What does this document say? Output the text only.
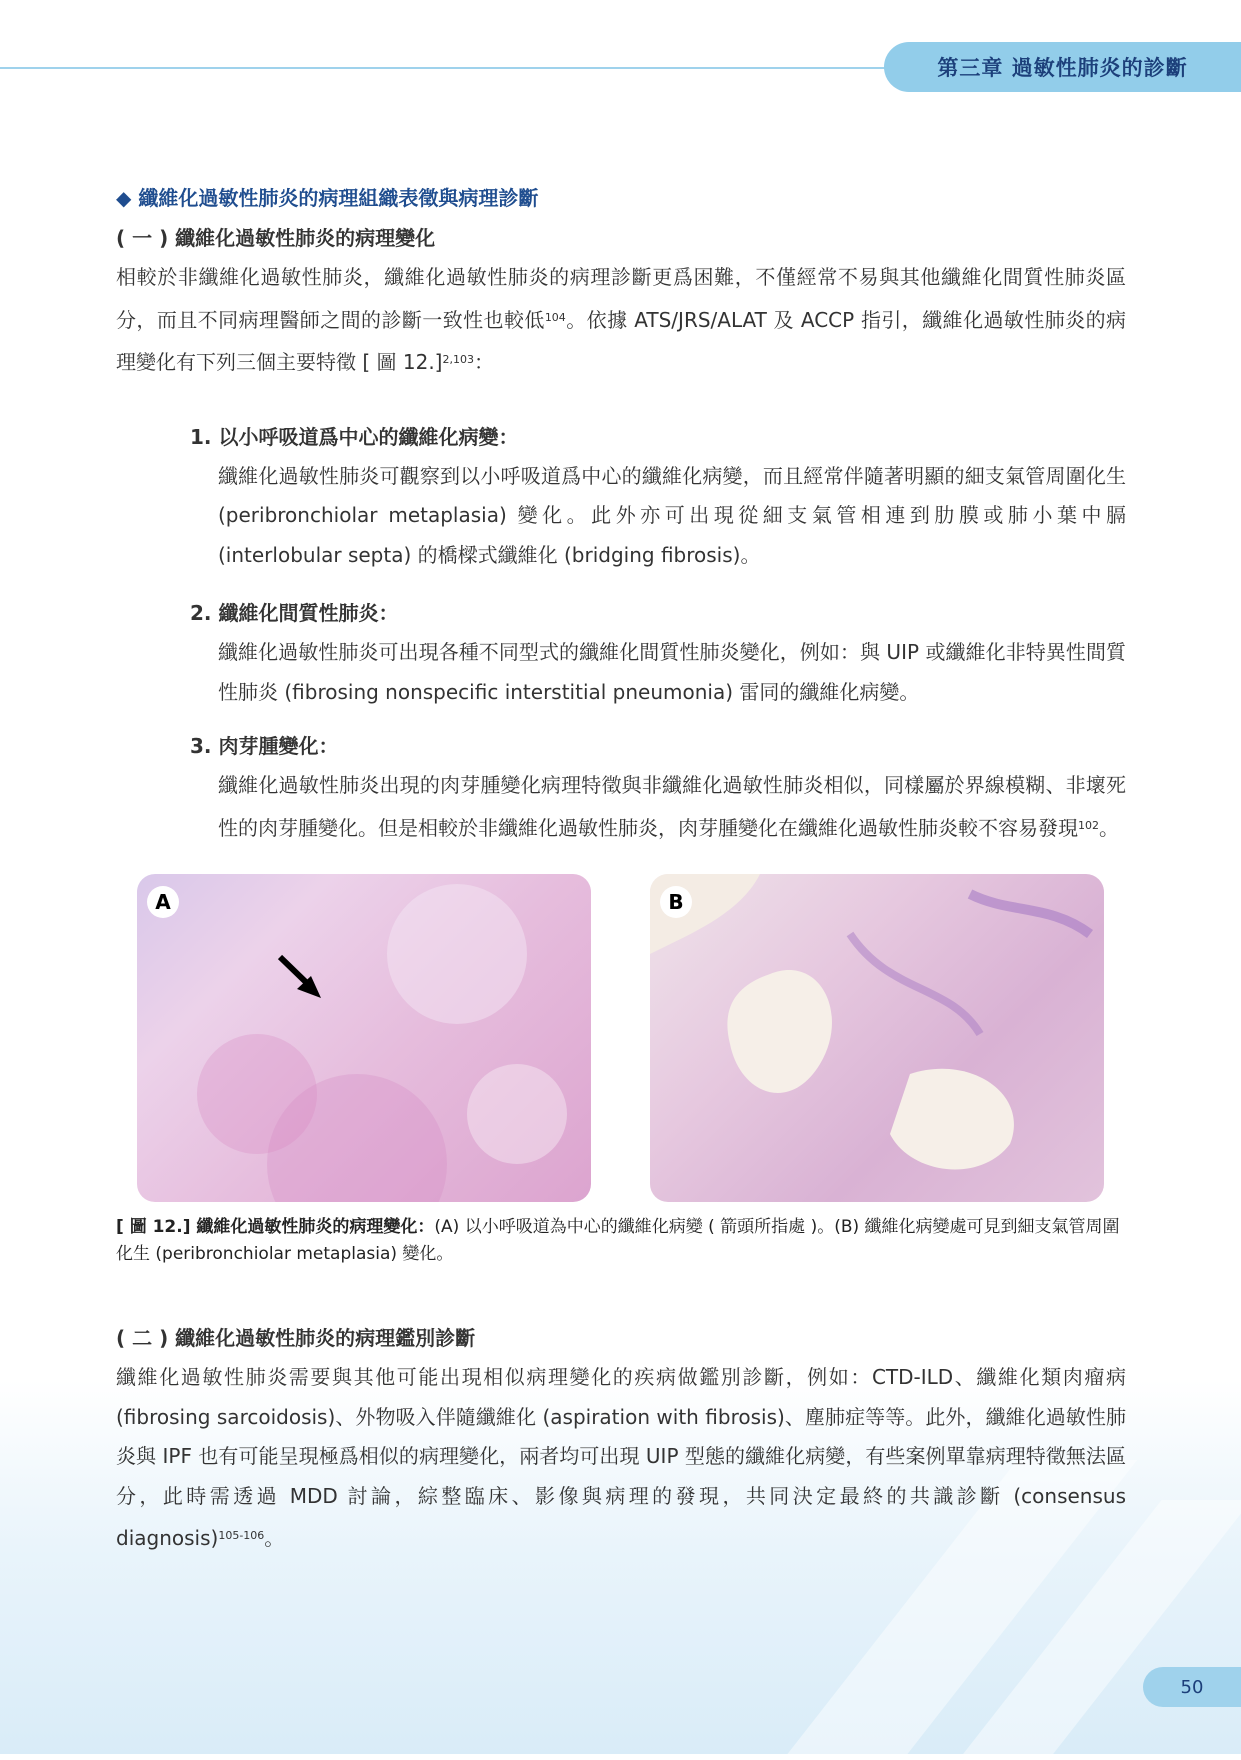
第三章 過敏性肺炎的診斷
◆ 纖維化過敏性肺炎的病理組織表徵與病理診斷
( 一 ) 纖維化過敏性肺炎的病理變化

相較於非纖維化過敏性肺炎，纖維化過敏性肺炎的病理診斷更爲困難，不僅經常不易與其他纖維化間質性肺炎區分，而且不同病理醫師之間的診斷一致性也較低$^{104}$。依據 ATS/JRS/ALAT 及 ACCP 指引，纖維化過敏性肺炎的病理變化有下列三個主要特徵 [ 圖 12.]$^{2,103}$：

1. 以小呼吸道爲中心的纖維化病變：
纖維化過敏性肺炎可觀察到以小呼吸道爲中心的纖維化病變，而且經常伴隨著明顯的細支氣管周圍化生 (peribronchiolar metaplasia) 變化。此外亦可出現從細支氣管相連到肋膜或肺小葉中膈 (interlobular septa) 的橋樑式纖維化 (bridging fibrosis)。
2. 纖維化間質性肺炎：
纖維化過敏性肺炎可出現各種不同型式的纖維化間質性肺炎變化，例如：與 UIP 或纖維化非特異性間質性肺炎 (fibrosing nonspecific interstitial pneumonia) 雷同的纖維化病變。
3. 肉芽腫變化：
纖維化過敏性肺炎出現的肉芽腫變化病理特徵與非纖維化過敏性肺炎相似，同樣屬於界線模糊、非壞死性的肉芽腫變化。但是相較於非纖維化過敏性肺炎，肉芽腫變化在纖維化過敏性肺炎較不容易發現$^{102}$。
A	B

[ 圖 12.] 纖維化過敏性肺炎的病理變化：(A) 以小呼吸道為中心的纖維化病變 ( 箭頭所指處 )。(B) 纖維化病變處可見到細支氣管周圍化生 (peribronchiolar metaplasia) 變化。

( 二 ) 纖維化過敏性肺炎的病理鑑別診斷

纖維化過敏性肺炎需要與其他可能出現相似病理變化的疾病做鑑別診斷，例如：CTD-ILD、纖維化類肉瘤病 (fibrosing sarcoidosis)、外物吸入伴隨纖維化 (aspiration with fibrosis)、塵肺症等等。此外，纖維化過敏性肺炎與 IPF 也有可能呈現極爲相似的病理變化，兩者均可出現 UIP 型態的纖維化病變，有些案例單靠病理特徵無法區分，此時需透過 MDD 討論，綜整臨床、影像與病理的發現，共同決定最終的共識診斷 (consensus diagnosis)$^{105-106}$。

50
